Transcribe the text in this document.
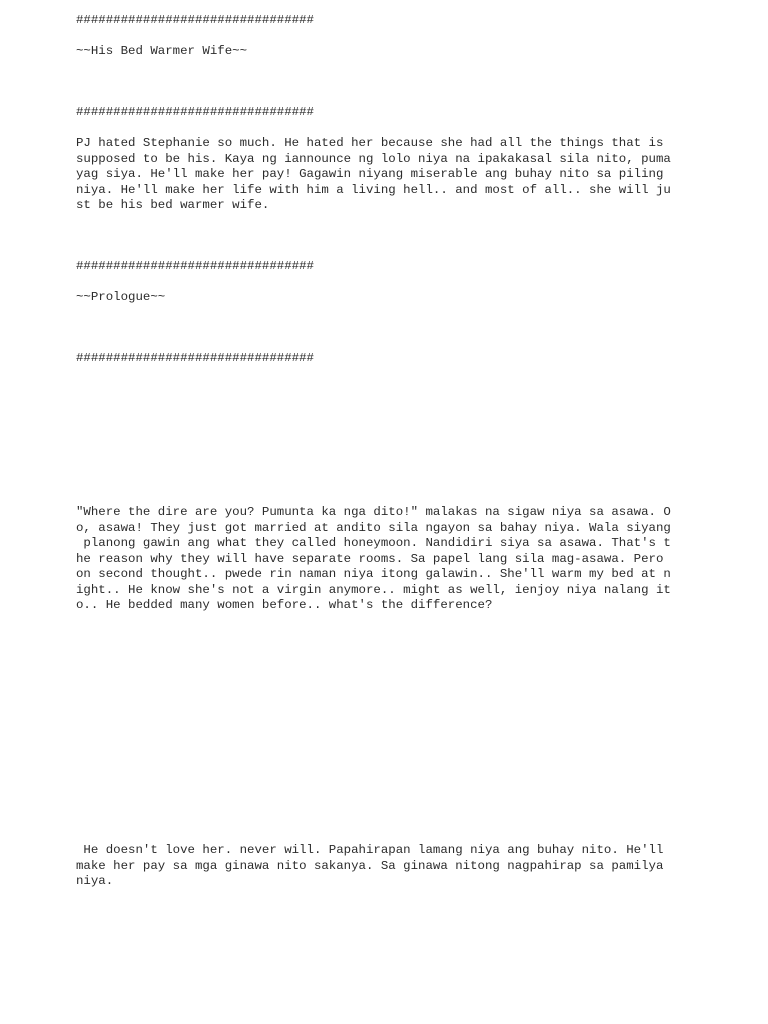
################################

~~His Bed Warmer Wife~~

################################

PJ hated Stephanie so much. He hated her because she had all the things that is

supposed to be his. Kaya ng iannounce ng lolo niya na ipakakasal sila nito, puma

yag siya. He'll make her pay! Gagawin niyang miserable ang buhay nito sa piling

niya. He'll make her life with him a living hell.. and most of all.. she will ju

st be his bed warmer wife.

################################

~~Prologue~~

################################

"Where the dire are you? Pumunta ka nga dito!" malakas na sigaw niya sa asawa. O

o, asawa! They just got married at andito sila ngayon sa bahay niya. Wala siyang

planong gawin ang what they called honeymoon. Nandidiri siya sa asawa. That's t

he reason why they will have separate rooms. Sa papel lang sila mag-asawa. Pero

on second thought.. pwede rin naman niya itong galawin.. She'll warm my bed at n

ight.. He know she's not a virgin anymore.. might as well, ienjoy niya nalang it

o.. He bedded many women before.. what's the difference?

He doesn't love her. never will. Papahirapan lamang niya ang buhay nito. He'll

make her pay sa mga ginawa nito sakanya. Sa ginawa nitong nagpahirap sa pamilya

niya.
